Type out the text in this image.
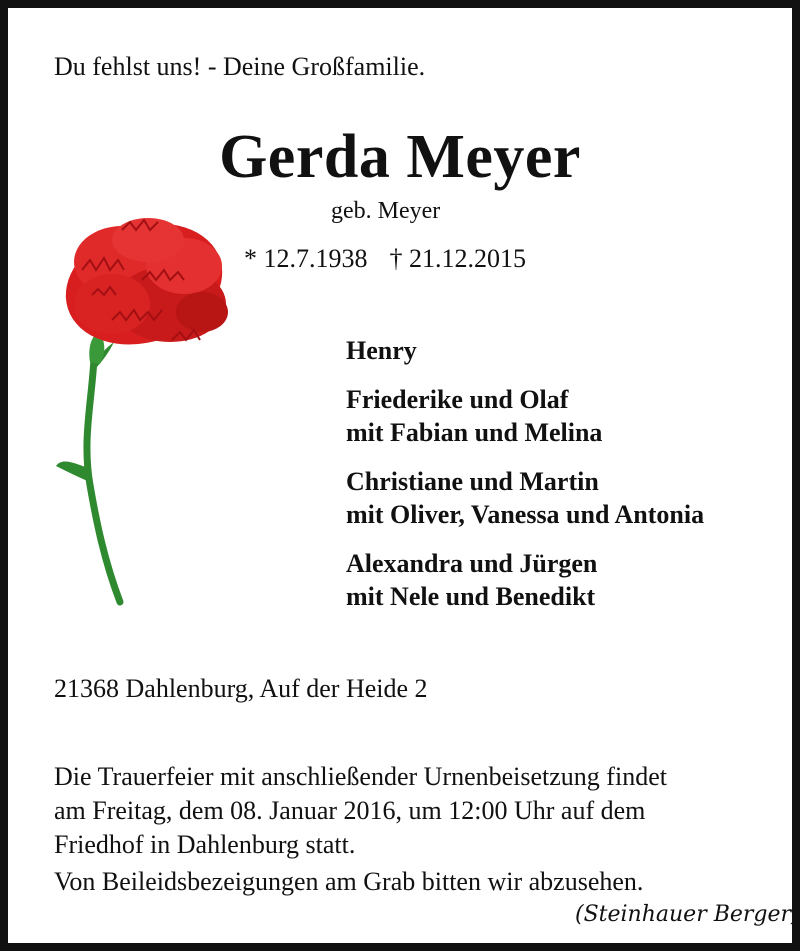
Du fehlst uns! - Deine Großfamilie.
Gerda Meyer
geb. Meyer
* 12.7.1938 † 21.12.2015
Henry
Friederike und Olaf
mit Fabian und Melina
Christiane und Martin
mit Oliver, Vanessa und Antonia
Alexandra und Jürgen
mit Nele und Benedikt
21368 Dahlenburg, Auf der Heide 2
Die Trauerfeier mit anschließender Urnenbeisetzung findet
am Freitag, dem 08. Januar 2016, um 12:00 Uhr auf dem
Friedhof in Dahlenburg statt.
Von Beileidsbezeigungen am Grab bitten wir abzusehen.
(Steinhauer Berger)
